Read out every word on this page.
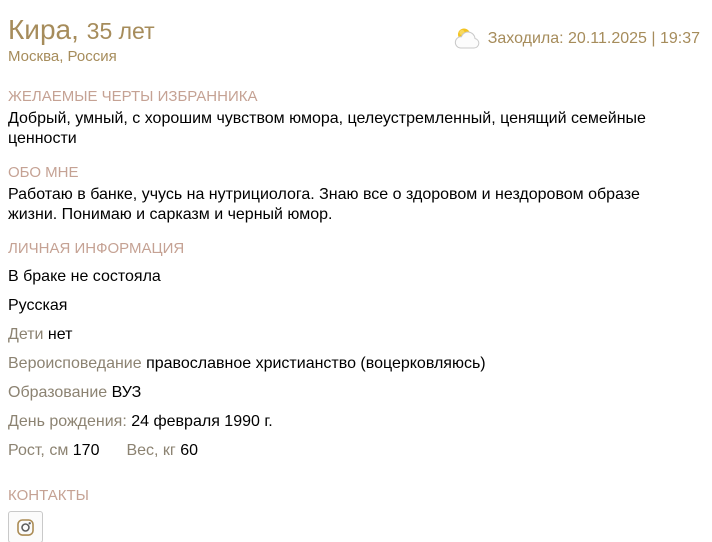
Кира, 35 лет
Москва, Россия
Заходила: 20.11.2025 | 19:37
ЖЕЛАЕМЫЕ ЧЕРТЫ ИЗБРАННИКА

Добрый, умный, с хорошим чувством юмора, целеустремленный, ценящий семейные ценности

ОБО МНЕ

Работаю в банке, учусь на нутрициолога. Знаю все о здоровом и нездоровом образе жизни. Понимаю и сарказм и черный юмор.

ЛИЧНАЯ ИНФОРМАЦИЯ
В браке не состояла
Русская
Дети нет
Вероисповедание православное христианство (воцерковляюсь)
Образование ВУЗ
День рождения: 24 февраля 1990 г.
Рост, см 170 Вес, кг 60
КОНТАКТЫ
